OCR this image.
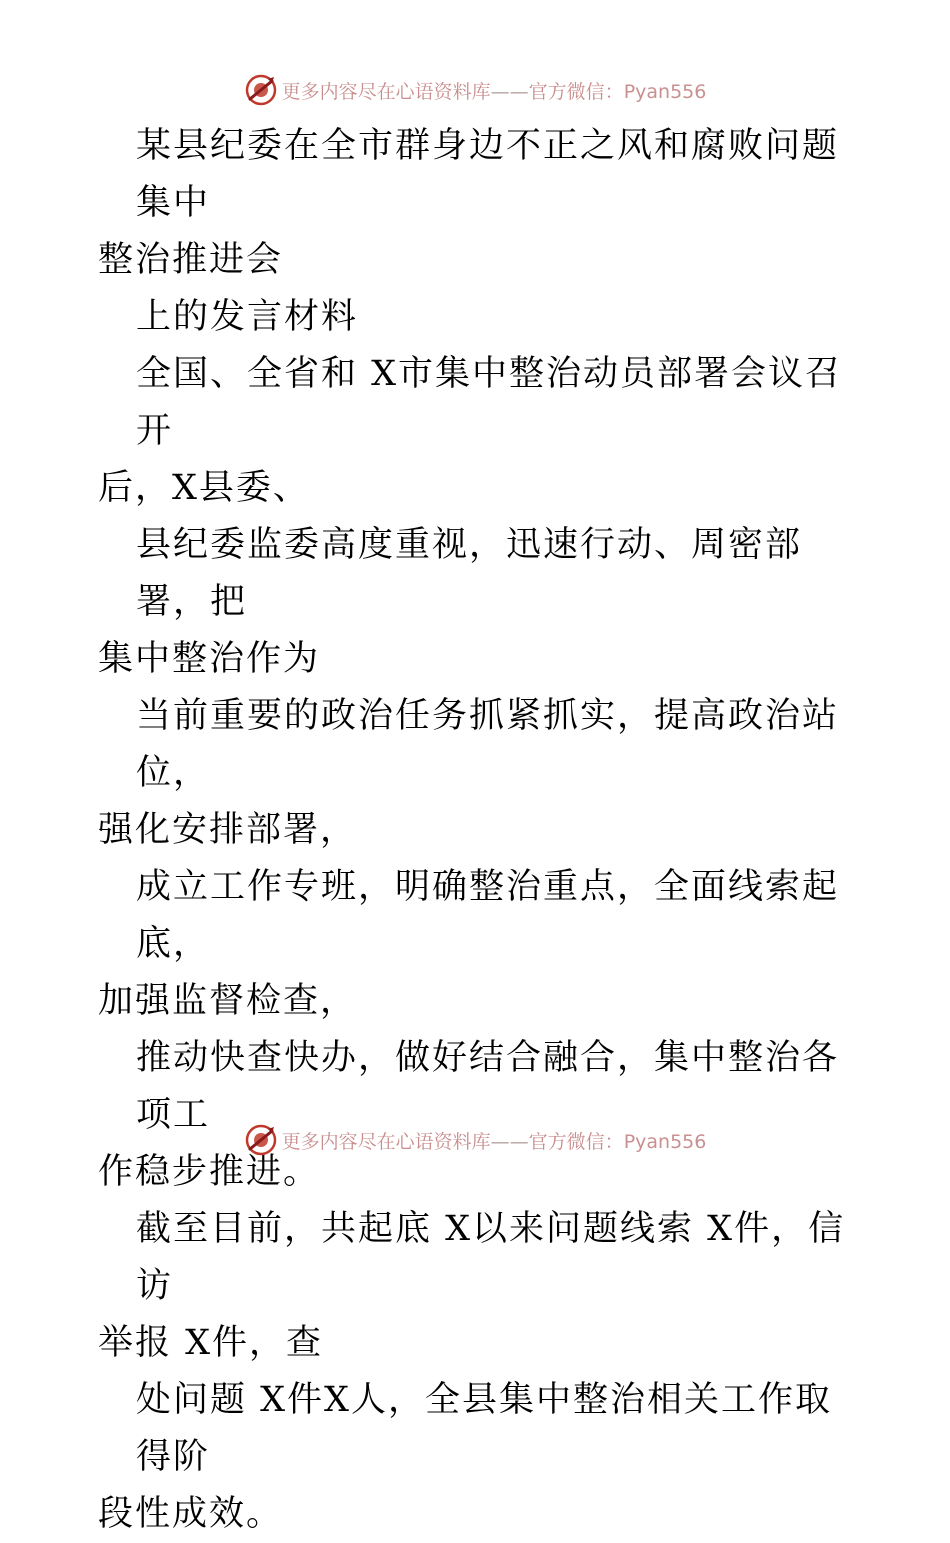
更多内容尽在心语资料库——官方微信：Pyan556

某县纪委在全市群身边不正之风和腐败问题集中

整治推进会

上的发言材料

全国、全省和 X市集中整治动员部署会议召开

后，X县委、

县纪委监委高度重视，迅速行动、周密部署，把

集中整治作为

当前重要的政治任务抓紧抓实，提高政治站位，

强化安排部署，

成立工作专班，明确整治重点，全面线索起底，

加强监督检查，

推动快查快办，做好结合融合，集中整治各项工

作稳步推进。

截至目前，共起底 X以来问题线索 X件，信访

举报 X件，查

处问题 X件X人，全县集中整治相关工作取得阶

段性成效。

更多内容尽在心语资料库——官方微信：Pyan556
